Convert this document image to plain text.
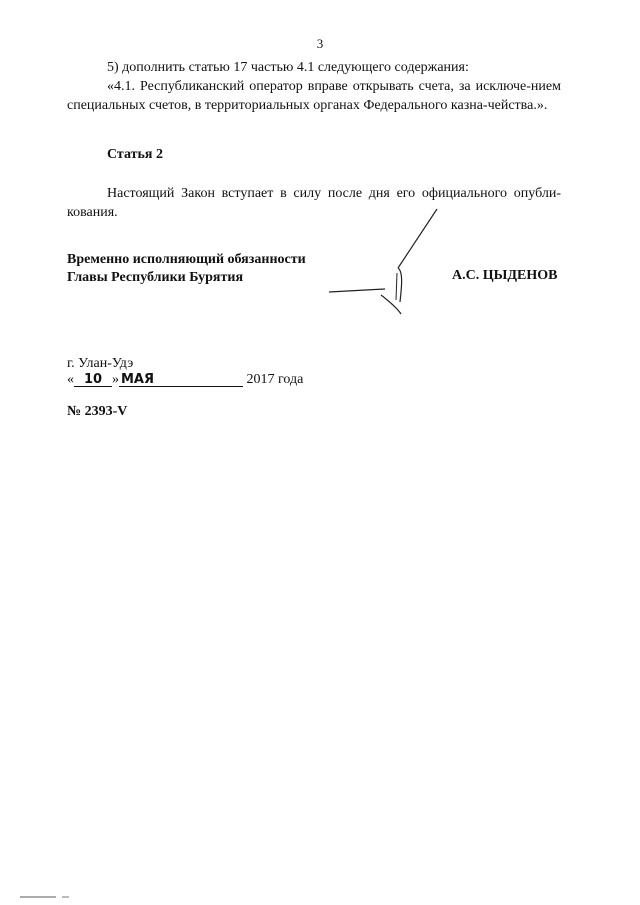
3
5) дополнить статью 17 частью 4.1 следующего содержания:
«4.1. Республиканский оператор вправе открывать счета, за исключе-нием специальных счетов, в территориальных органах Федерального казна-чейства.».
Статья 2
Настоящий Закон вступает в силу после дня его официального опубли-кования.
Временно исполняющий обязанности
Главы Республики Бурятия	А.С. ЦЫДЕНОВ
г. Улан-Удэ
« 10 » МАЯ	2017 года
№ 2393-V
